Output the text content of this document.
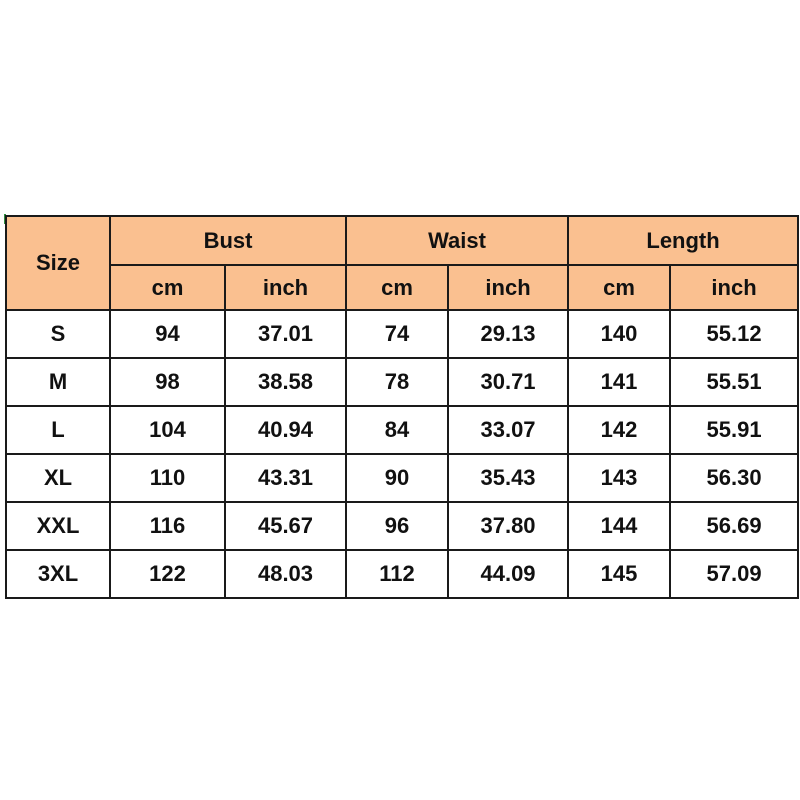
Size	Bust		Waist		Length	
	cm	inch	cm	inch	cm	inch
S	94	37.01	74	29.13	140	55.12
M	98	38.58	78	30.71	141	55.51
L	104	40.94	84	33.07	142	55.91
XL	110	43.31	90	35.43	143	56.30
XXL	116	45.67	96	37.80	144	56.69
3XL	122	48.03	112	44.09	145	57.09
